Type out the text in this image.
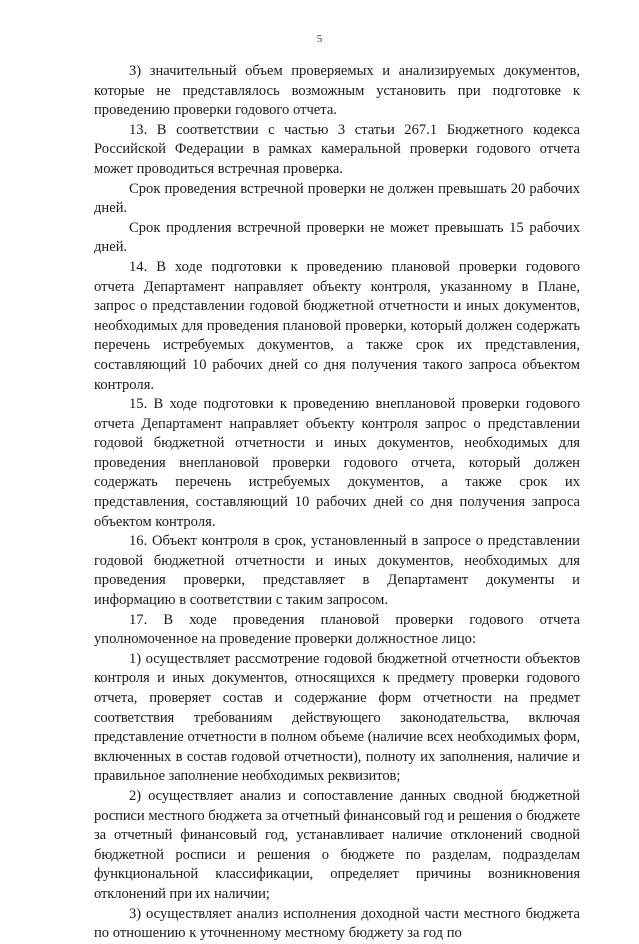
5

3) значительный объем проверяемых и анализируемых документов, которые не представлялось возможным установить при подготовке к проведению проверки годового отчета.

13. В соответствии с частью 3 статьи 267.1 Бюджетного кодекса Российской Федерации в рамках камеральной проверки годового отчета может проводиться встречная проверка.

Срок проведения встречной проверки не должен превышать 20 рабочих дней.

Срок продления встречной проверки не может превышать 15 рабочих дней.

14. В ходе подготовки к проведению плановой проверки годового отчета Департамент направляет объекту контроля, указанному в Плане, запрос о представлении годовой бюджетной отчетности и иных документов, необходимых для проведения плановой проверки, который должен содержать перечень истребуемых документов, а также срок их представления, составляющий 10 рабочих дней со дня получения такого запроса объектом контроля.

15. В ходе подготовки к проведению внеплановой проверки годового отчета Департамент направляет объекту контроля запрос о представлении годовой бюджетной отчетности и иных документов, необходимых для проведения внеплановой проверки годового отчета, который должен содержать перечень истребуемых документов, а также срок их представления, составляющий 10 рабочих дней со дня получения запроса объектом контроля.

16. Объект контроля в срок, установленный в запросе о представлении годовой бюджетной отчетности и иных документов, необходимых для проведения проверки, представляет в Департамент документы и информацию в соответствии с таким запросом.

17. В ходе проведения плановой проверки годового отчета уполномоченное на проведение проверки должностное лицо:

1) осуществляет рассмотрение годовой бюджетной отчетности объектов контроля и иных документов, относящихся к предмету проверки годового отчета, проверяет состав и содержание форм отчетности на предмет соответствия требованиям действующего законодательства, включая представление отчетности в полном объеме (наличие всех необходимых форм, включенных в состав годовой отчетности), полноту их заполнения, наличие и правильное заполнение необходимых реквизитов;

2) осуществляет анализ и сопоставление данных сводной бюджетной росписи местного бюджета за отчетный финансовый год и решения о бюджете за отчетный финансовый год, устанавливает наличие отклонений сводной бюджетной росписи и решения о бюджете по разделам, подразделам функциональной классификации, определяет причины возникновения отклонений при их наличии;

3) осуществляет анализ исполнения доходной части местного бюджета по отношению к уточненному местному бюджету за год по
